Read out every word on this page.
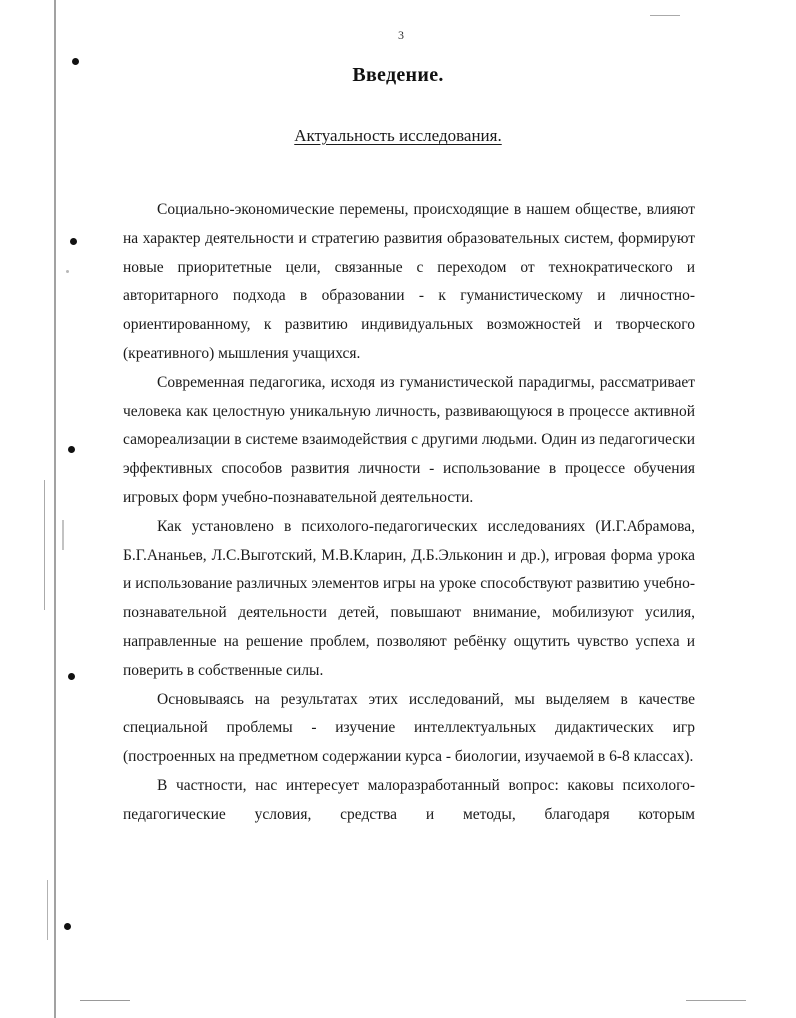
3
Введение.
Актуальность исследования.

Социально-экономические перемены, происходящие в нашем обществе, влияют на характер деятельности и стратегию развития образовательных систем, формируют новые приоритетные цели, связанные с переходом от технократического и авторитарного подхода в образовании - к гуманистическому и личностно-ориентированному, к развитию индивидуальных возможностей и творческого (креативного) мышления учащихся.

Современная педагогика, исходя из гуманистической парадигмы, рассматривает человека как целостную уникальную личность, развивающуюся в процессе активной самореализации в системе взаимодействия с другими людьми. Один из педагогически эффективных способов развития личности - использование в процессе обучения игровых форм учебно-познавательной деятельности.

Как установлено в психолого-педагогических исследованиях (И.Г.Абрамова, Б.Г.Ананьев, Л.С.Выготский, М.В.Кларин, Д.Б.Эльконин и др.), игровая форма урока и использование различных элементов игры на уроке способствуют развитию учебно-познавательной деятельности детей, повышают внимание, мобилизуют усилия, направленные на решение проблем, позволяют ребёнку ощутить чувство успеха и поверить в собственные силы.

Основываясь на результатах этих исследований, мы выделяем в качестве специальной проблемы - изучение интеллектуальных дидактических игр (построенных на предметном содержании курса - биологии, изучаемой в 6-8 классах).

В частности, нас интересует малоразработанный вопрос: каковы психолого-педагогические условия, средства и методы, благодаря которым
